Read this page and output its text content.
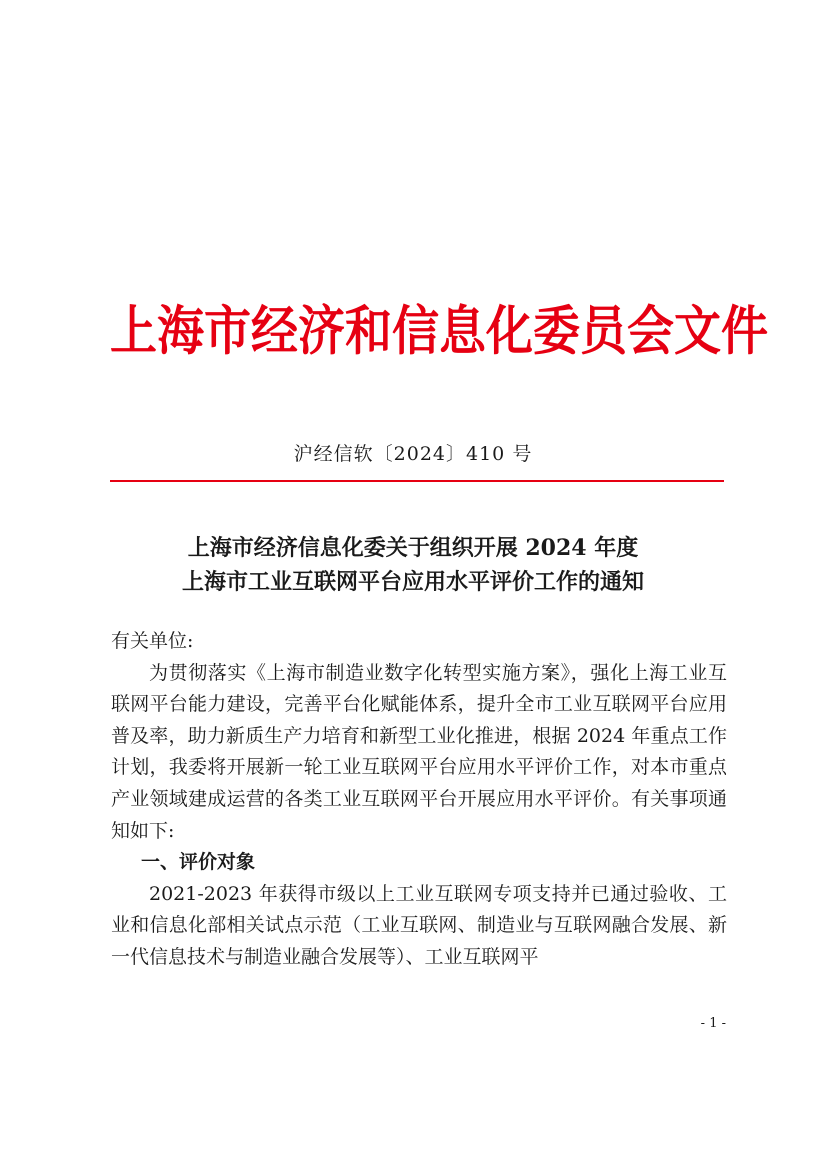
上海市经济和信息化委员会文件
沪经信软〔2024〕410 号
上海市经济信息化委关于组织开展 2024 年度
上海市工业互联网平台应用水平评价工作的通知

有关单位:

为贯彻落实《上海市制造业数字化转型实施方案》，强化上海工业互联网平台能力建设，完善平台化赋能体系，提升全市工业互联网平台应用普及率，助力新质生产力培育和新型工业化推进，根据 2024 年重点工作计划，我委将开展新一轮工业互联网平台应用水平评价工作，对本市重点产业领域建成运营的各类工业互联网平台开展应用水平评价。有关事项通知如下:

一、评价对象

2021-2023 年获得市级以上工业互联网专项支持并已通过验收、工业和信息化部相关试点示范（工业互联网、制造业与互联网融合发展、新一代信息技术与制造业融合发展等）、工业互联网平

- 1 -
